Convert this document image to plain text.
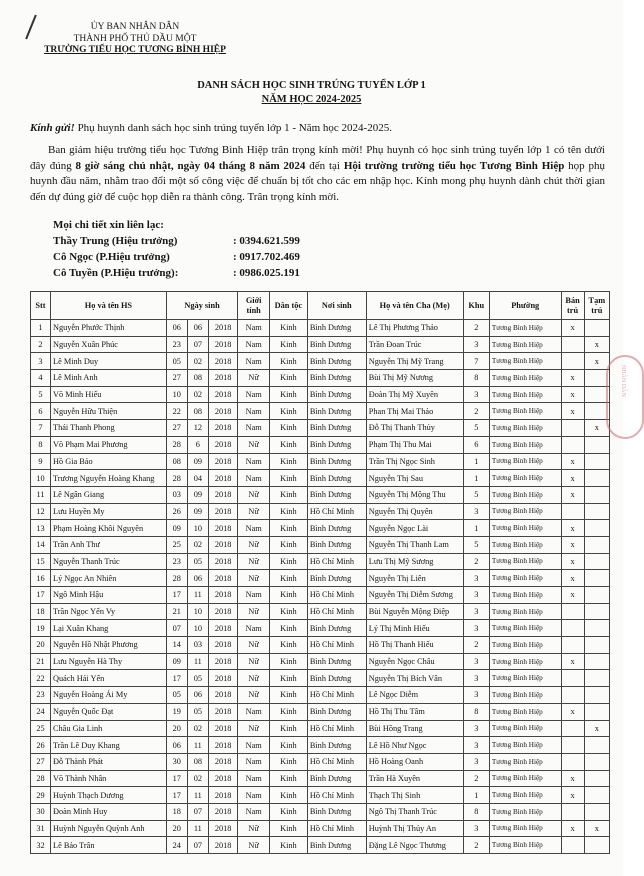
ỦY BAN NHÂN DÂN
THÀNH PHỐ THỦ DẦU MỘT
TRƯỜNG TIỂU HỌC TƯƠNG BÌNH HIỆP
DANH SÁCH HỌC SINH TRÚNG TUYỂN LỚP 1
NĂM HỌC 2024-2025
Kính gửi! Phụ huynh danh sách học sinh trúng tuyển lớp 1 - Năm học 2024-2025.
Ban giám hiệu trường tiểu học Tương Bình Hiệp trân trọng kính mời! Phụ huynh có học sinh trúng tuyển lớp 1 có tên dưới đây đúng 8 giờ sáng chủ nhật, ngày 04 tháng 8 năm 2024 đến tại Hội trường trường tiểu học Tương Bình Hiệp họp phụ huynh đầu năm, nhằm trao đổi một số công việc để chuẩn bị tốt cho các em nhập học. Kính mong phụ huynh dành chút thời gian đến dự đúng giờ để cuộc họp diễn ra thành công. Trân trọng kính mời.
Mọi chi tiết xin liên lạc:
Thầy Trung (Hiệu trưởng)	: 0394.621.599
Cô Ngọc (P.Hiệu trưởng)	: 0917.702.469
Cô Tuyền (P.Hiệu trưởng):	: 0986.025.191
Stt	Họ và tên HS	Ngày sinh			Giới tính	Dân tộc	Nơi sinh	Họ và tên Cha (Mẹ)	Khu	Phường	Bán trú	Tạm trú
1	Nguyễn Phước Thịnh	06	06	2018	Nam	Kinh	Bình Dương	Lê Thị Phương Thảo	2	Tương Bình Hiệp	x	
2	Nguyễn Xuân Phúc	23	07	2018	Nam	Kinh	Bình Dương	Trần Đoan Trúc	3	Tương Bình Hiệp		x
3	Lê Minh Duy	05	02	2018	Nam	Kinh	Bình Dương	Nguyễn Thị Mỹ Trang	7	Tương Bình Hiệp		x
4	Lê Minh Anh	27	08	2018	Nữ	Kinh	Bình Dương	Bùi Thị Mỹ Nương	8	Tương Bình Hiệp	x	
5	Võ Minh Hiếu	10	02	2018	Nam	Kinh	Bình Dương	Đoàn Thị Mỹ Xuyên	3	Tương Bình Hiệp	x	
6	Nguyễn Hữu Thiện	22	08	2018	Nam	Kinh	Bình Dương	Phan Thị Mai Thảo	2	Tương Bình Hiệp	x	
7	Thái Thanh Phong	27	12	2018	Nam	Kinh	Bình Dương	Đỗ Thị Thanh Thủy	5	Tương Bình Hiệp		x
8	Võ Phạm Mai Phương	28	6	2018	Nữ	Kinh	Bình Dương	Phạm Thị Thu Mai	6	Tương Bình Hiệp		
9	Hồ Gia Bảo	08	09	2018	Nam	Kinh	Bình Dương	Trần Thị Ngọc Sinh	1	Tương Bình Hiệp	x	
10	Trương Nguyễn Hoàng Khang	28	04	2018	Nam	Kinh	Bình Dương	Nguyễn Thị Sau	1	Tương Bình Hiệp	x	
11	Lê Ngân Giang	03	09	2018	Nữ	Kinh	Bình Dương	Nguyễn Thị Mộng Thu	5	Tương Bình Hiệp	x	
12	Lưu Huyền My	26	09	2018	Nữ	Kinh	Hồ Chí Minh	Nguyễn Thị Quyên	3	Tương Bình Hiệp		
13	Phạm Hoàng Khôi Nguyên	09	10	2018	Nam	Kinh	Bình Dương	Nguyễn Ngọc Lài	1	Tương Bình Hiệp	x	
14	Trần Anh Thư	25	02	2018	Nữ	Kinh	Bình Dương	Nguyễn Thị Thanh Lam	5	Tương Bình Hiệp	x	
15	Nguyễn Thanh Trúc	23	05	2018	Nữ	Kinh	Hồ Chí Minh	Lưu Thị Mỹ Sương	2	Tương Bình Hiệp	x	
16	Lý Ngọc An Nhiên	28	06	2018	Nữ	Kinh	Bình Dương	Nguyễn Thị Liên	3	Tương Bình Hiệp	x	
17	Ngô Minh Hậu	17	11	2018	Nam	Kinh	Hồ Chí Minh	Nguyễn Thị Diễm Sương	3	Tương Bình Hiệp	x	
18	Trần Ngọc Yến Vy	21	10	2018	Nữ	Kinh	Hồ Chí Minh	Bùi Nguyễn Mộng Điệp	3	Tương Bình Hiệp		
19	Lại Xuân Khang	07	10	2018	Nam	Kinh	Bình Dương	Lý Thị Minh Hiếu	3	Tương Bình Hiệp		
20	Nguyễn Hồ Nhật Phương	14	03	2018	Nữ	Kinh	Hồ Chí Minh	Hồ Thị Thanh Hiếu	2	Tương Bình Hiệp		
21	Lưu Nguyễn Hà Thy	09	11	2018	Nữ	Kinh	Bình Dương	Nguyễn Ngọc Châu	3	Tương Bình Hiệp	x	
22	Quách Hải Yến	17	05	2018	Nữ	Kinh	Bình Dương	Nguyễn Thị Bích Vân	3	Tương Bình Hiệp		
23	Nguyễn Hoàng Ái My	05	06	2018	Nữ	Kinh	Hồ Chí Minh	Lê Ngọc Diễm	3	Tương Bình Hiệp		
24	Nguyễn Quốc Đạt	19	05	2018	Nam	Kinh	Bình Dương	Hồ Thị Thu Tâm	8	Tương Bình Hiệp	x	
25	Châu Gia Linh	20	02	2018	Nữ	Kinh	Hồ Chí Minh	Bùi Hồng Trang	3	Tương Bình Hiệp		x
26	Trần Lê Duy Khang	06	11	2018	Nam	Kinh	Bình Dương	Lê Hồ Như Ngọc	3	Tương Bình Hiệp		
27	Đỗ Thành Phát	30	08	2018	Nam	Kinh	Hồ Chí Minh	Hồ Hoàng Oanh	3	Tương Bình Hiệp		
28	Võ Thành Nhân	17	02	2018	Nam	Kinh	Bình Dương	Trần Hà Xuyên	2	Tương Bình Hiệp	x	
29	Huỳnh Thạch Dương	17	11	2018	Nam	Kinh	Hồ Chí Minh	Thạch Thị Sinh	1	Tương Bình Hiệp	x	
30	Đoàn Minh Huy	18	07	2018	Nam	Kinh	Bình Dương	Ngô Thị Thanh Trúc	8	Tương Bình Hiệp		
31	Huỳnh Nguyễn Quỳnh Anh	20	11	2018	Nữ	Kinh	Hồ Chí Minh	Huỳnh Thị Thủy An	3	Tương Bình Hiệp	x	x
32	Lê Bảo Trân	24	07	2018	Nữ	Kinh	Bình Dương	Đặng Lê Ngọc Thương	2	Tương Bình Hiệp		
NHÂN DÂN
